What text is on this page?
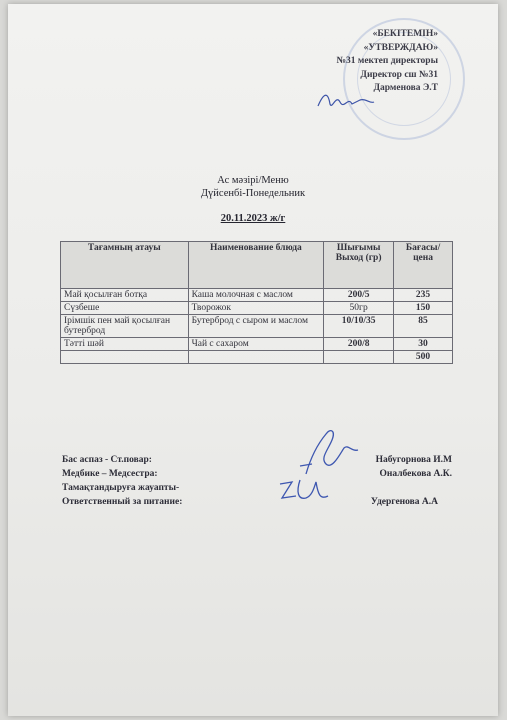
«БЕКІТЕМІН»
«УТВЕРЖДАЮ»
№31 мектеп директоры
Директор сш №31
Дарменова Э.Т
Ас мәзірі/Меню
Дүйсенбі-Понедельник
20.11.2023 ж/г
Тағамның атауы	Наименование блюда	Шығымы Выход (гр)	Бағасы/ цена
Май қосылған ботқа	Каша молочная с маслом	200/5	235
Сүзбеше	Творожок	50гр	150
Ірімшік пен май қосылған бутерброд	Бутерброд с сыром и маслом	10/10/35	85
Тәтті шәй	Чай с сахаром	200/8	30
			500
Бас аспаз - Ст.повар:	Набугорнова И.М
Медбике – Медсестра:	Оналбекова А.К.
Тамақтандыруға жауапты-
Ответственный за питание:	Удергенова А.А
